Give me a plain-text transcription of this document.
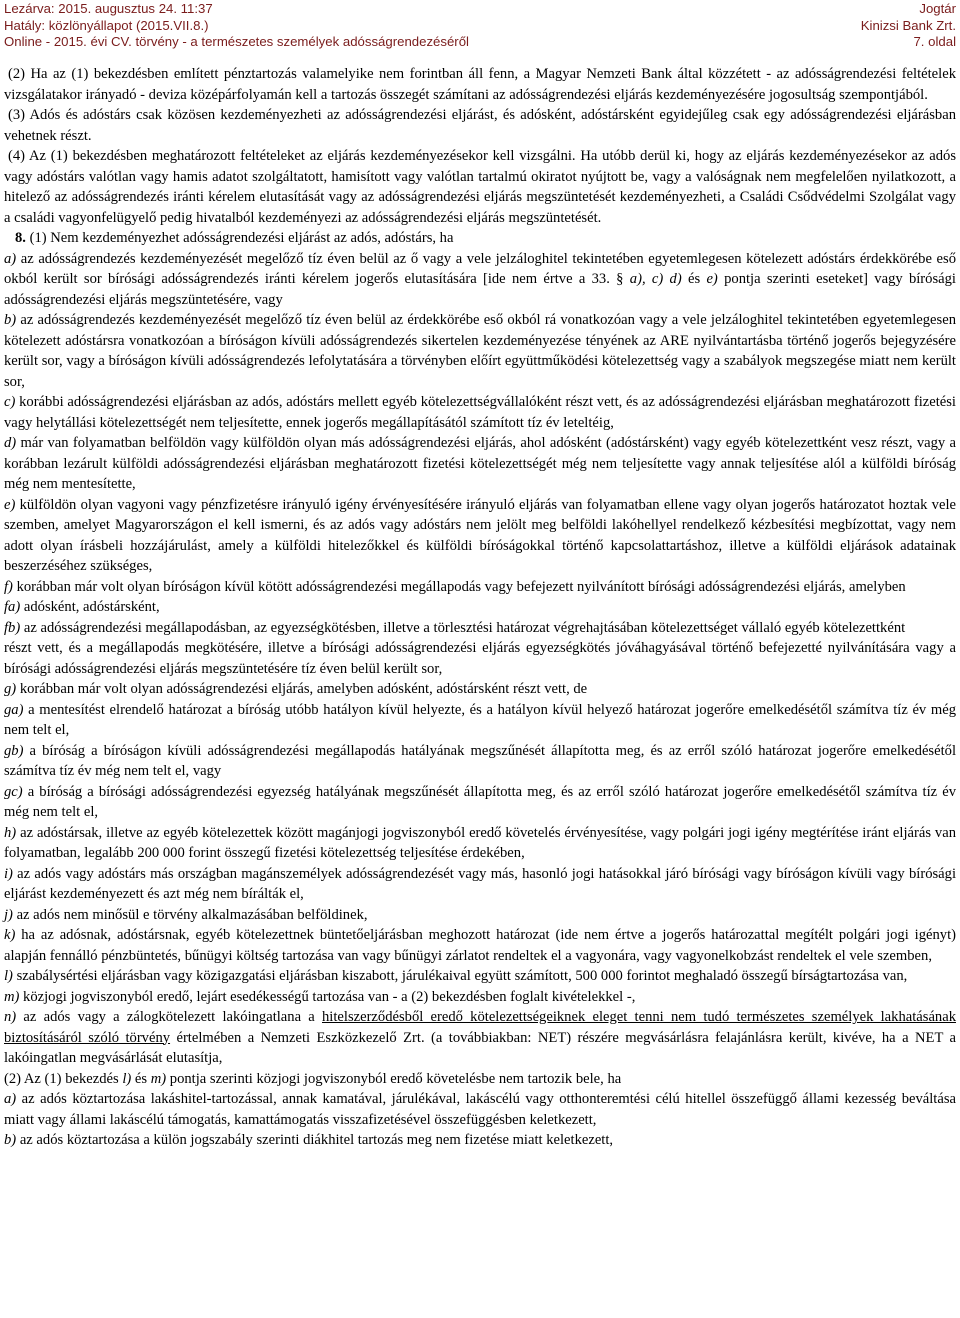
Lezárva: 2015. augusztus 24. 11:37
Hatály: közlönyállapot (2015.VII.8.)
Online - 2015. évi CV. törvény - a természetes személyek adósságrendezéséről
Jogtár
Kinizsi Bank Zrt.
7. oldal

(2) Ha az (1) bekezdésben említett pénztartozás valamelyike nem forintban áll fenn, a Magyar Nemzeti Bank által közzétett - az adósságrendezési feltételek vizsgálatakor irányadó - deviza középárfolyamán kell a tartozás összegét számítani az adósságrendezési eljárás kezdeményezésére jogosultság szempontjából.

(3) Adós és adóstárs csak közösen kezdeményezheti az adósságrendezési eljárást, és adósként, adóstársként egyidejűleg csak egy adósságrendezési eljárásban vehetnek részt.

(4) Az (1) bekezdésben meghatározott feltételeket az eljárás kezdeményezésekor kell vizsgálni. Ha utóbb derül ki, hogy az eljárás kezdeményezésekor az adós vagy adóstárs valótlan vagy hamis adatot szolgáltatott, hamisított vagy valótlan tartalmú okiratot nyújtott be, vagy a valóságnak nem megfelelően nyilatkozott, a hitelező az adósságrendezés iránti kérelem elutasítását vagy az adósságrendezési eljárás megszüntetését kezdeményezheti, a Családi Csődvédelmi Szolgálat vagy a családi vagyonfelügyelő pedig hivatalból kezdeményezi az adósságrendezési eljárás megszüntetését.

8. (1) Nem kezdeményezhet adósságrendezési eljárást az adós, adóstárs, ha

a) az adósságrendezés kezdeményezését megelőző tíz éven belül az ő vagy a vele jelzáloghitel tekintetében egyetemlegesen kötelezett adóstárs érdekkörébe eső okból került sor bírósági adósságrendezés iránti kérelem jogerős elutasítására [ide nem értve a 33. § a), c) d) és e) pontja szerinti eseteket] vagy bírósági adósságrendezési eljárás megszüntetésére, vagy

b) az adósságrendezés kezdeményezését megelőző tíz éven belül az érdekkörébe eső okból rá vonatkozóan vagy a vele jelzáloghitel tekintetében egyetemlegesen kötelezett adóstársra vonatkozóan a bíróságon kívüli adósságrendezés sikertelen kezdeményezése tényének az ARE nyilvántartásba történő jogerős bejegyzésére került sor, vagy a bíróságon kívüli adósságrendezés lefolytatására a törvényben előírt együttműködési kötelezettség vagy a szabályok megszegése miatt nem került sor,

c) korábbi adósságrendezési eljárásban az adós, adóstárs mellett egyéb kötelezettségvállalóként részt vett, és az adósságrendezési eljárásban meghatározott fizetési vagy helytállási kötelezettségét nem teljesítette, ennek jogerős megállapításától számított tíz év leteltéig,

d) már van folyamatban belföldön vagy külföldön olyan más adósságrendezési eljárás, ahol adósként (adóstársként) vagy egyéb kötelezettként vesz részt, vagy a korábban lezárult külföldi adósságrendezési eljárásban meghatározott fizetési kötelezettségét még nem teljesítette vagy annak teljesítése alól a külföldi bíróság még nem mentesítette,

e) külföldön olyan vagyoni vagy pénzfizetésre irányuló igény érvényesítésére irányuló eljárás van folyamatban ellene vagy olyan jogerős határozatot hoztak vele szemben, amelyet Magyarországon el kell ismerni, és az adós vagy adóstárs nem jelölt meg belföldi lakóhellyel rendelkező kézbesítési megbízottat, vagy nem adott olyan írásbeli hozzájárulást, amely a külföldi hitelezőkkel és külföldi bíróságokkal történő kapcsolattartáshoz, illetve a külföldi eljárások adatainak beszerzéséhez szükséges,

f) korábban már volt olyan bíróságon kívül kötött adósságrendezési megállapodás vagy befejezett nyilvánított bírósági adósságrendezési eljárás, amelyben

fa) adósként, adóstársként,

fb) az adósságrendezési megállapodásban, az egyezségkötésben, illetve a törlesztési határozat végrehajtásában kötelezettséget vállaló egyéb kötelezettként

részt vett, és a megállapodás megkötésére, illetve a bírósági adósságrendezési eljárás egyezségkötés jóváhagyásával történő befejezetté nyilvánítására vagy a bírósági adósságrendezési eljárás megszüntetésére tíz éven belül került sor,

g) korábban már volt olyan adósságrendezési eljárás, amelyben adósként, adóstársként részt vett, de

ga) a mentesítést elrendelő határozat a bíróság utóbb hatályon kívül helyezte, és a hatályon kívül helyező határozat jogerőre emelkedésétől számítva tíz év még nem telt el,

gb) a bíróság a bíróságon kívüli adósságrendezési megállapodás hatályának megszűnését állapította meg, és az erről szóló határozat jogerőre emelkedésétől számítva tíz év még nem telt el, vagy

gc) a bíróság a bírósági adósságrendezési egyezség hatályának megszűnését állapította meg, és az erről szóló határozat jogerőre emelkedésétől számítva tíz év még nem telt el,

h) az adóstársak, illetve az egyéb kötelezettek között magánjogi jogviszonyból eredő követelés érvényesítése, vagy polgári jogi igény megtérítése iránt eljárás van folyamatban, legalább 200 000 forint összegű fizetési kötelezettség teljesítése érdekében,

i) az adós vagy adóstárs más országban magánszemélyek adósságrendezését vagy más, hasonló jogi hatásokkal járó bírósági vagy bíróságon kívüli vagy bírósági eljárást kezdeményezett és azt még nem bírálták el,

j) az adós nem minősül e törvény alkalmazásában belföldinek,

k) ha az adósnak, adóstársnak, egyéb kötelezettnek büntetőeljárásban meghozott határozat (ide nem értve a jogerős határozattal megítélt polgári jogi igényt) alapján fennálló pénzbüntetés, bűnügyi költség tartozása van vagy bűnügyi zárlatot rendeltek el a vagyonára, vagy vagyonelkobzást rendeltek el vele szemben,

l) szabálysértési eljárásban vagy közigazgatási eljárásban kiszabott, járulékaival együtt számított, 500 000 forintot meghaladó összegű bírságtartozása van,

m) közjogi jogviszonyból eredő, lejárt esedékességű tartozása van - a (2) bekezdésben foglalt kivételekkel -,

n) az adós vagy a zálogkötelezett lakóingatlana a hitelszerződésből eredő kötelezettségeiknek eleget tenni nem tudó természetes személyek lakhatásának biztosításáról szóló törvény értelmében a Nemzeti Eszközkezelő Zrt. (a továbbiakban: NET) részére megvásárlásra felajánlásra került, kivéve, ha a NET a lakóingatlan megvásárlását elutasítja,

(2) Az (1) bekezdés l) és m) pontja szerinti közjogi jogviszonyból eredő követelésbe nem tartozik bele, ha

a) az adós köztartozása lakáshitel-tartozással, annak kamatával, járulékával, lakáscélú vagy otthonteremtési célú hitellel összefüggő állami kezesség beváltása miatt vagy állami lakáscélú támogatás, kamattámogatás visszafizetésével összefüggésben keletkezett,

b) az adós köztartozása a külön jogszabály szerinti diákhitel tartozás meg nem fizetése miatt keletkezett,
